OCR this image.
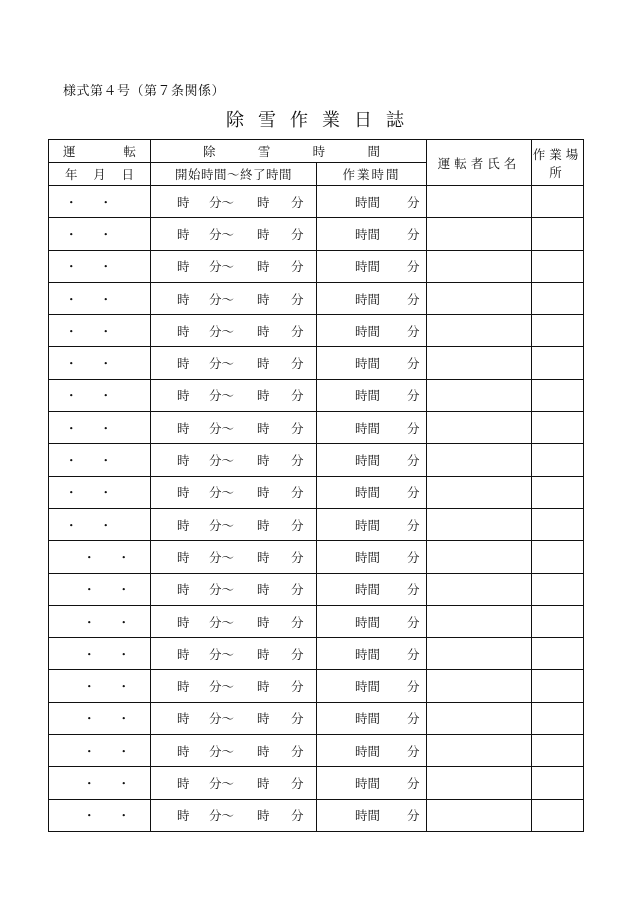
様式第４号（第７条関係）
除 雪 作 業 日 誌
運 転	除 雪 時 間		運転者氏名	作業場所

年 月 日	開始時間～終了時間	作業時間		
・・	時 分～ 時 分	時間 分		

・・	時 分～ 時 分	時間 分		

・・	時 分～ 時 分	時間 分		

・・	時 分～ 時 分	時間 分		

・・	時 分～ 時 分	時間 分		

・・	時 分～ 時 分	時間 分		

・・	時 分～ 時 分	時間 分		

・・	時 分～ 時 分	時間 分		

・・	時 分～ 時 分	時間 分		

・・	時 分～ 時 分	時間 分		

・・	時 分～ 時 分	時間 分		

・・	時 分～ 時 分	時間 分		

・・	時 分～ 時 分	時間 分		

・・	時 分～ 時 分	時間 分		

・・	時 分～ 時 分	時間 分		

・・	時 分～ 時 分	時間 分		

・・	時 分～ 時 分	時間 分		

・・	時 分～ 時 分	時間 分		

・・	時 分～ 時 分	時間 分		

・・	時 分～ 時 分	時間 分		
